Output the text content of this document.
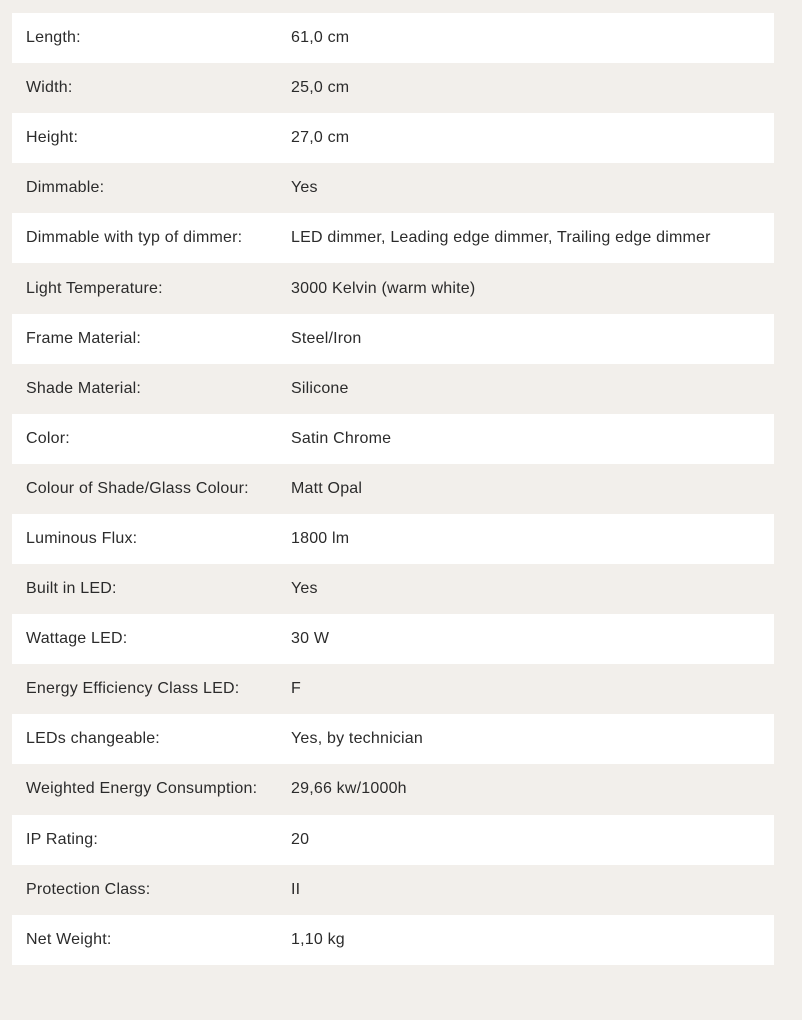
Length:	61,0 cm
Width:	25,0 cm
Height:	27,0 cm
Dimmable:	Yes
Dimmable with typ of dimmer:	LED dimmer, Leading edge dimmer, Trailing edge dimmer
Light Temperature:	3000 Kelvin (warm white)
Frame Material:	Steel/Iron
Shade Material:	Silicone
Color:	Satin Chrome
Colour of Shade/Glass Colour:	Matt Opal
Luminous Flux:	1800 lm
Built in LED:	Yes
Wattage LED:	30 W
Energy Efficiency Class LED:	F
LEDs changeable:	Yes, by technician
Weighted Energy Consumption:	29,66 kw/1000h
IP Rating:	20
Protection Class:	II
Net Weight:	1,10 kg
